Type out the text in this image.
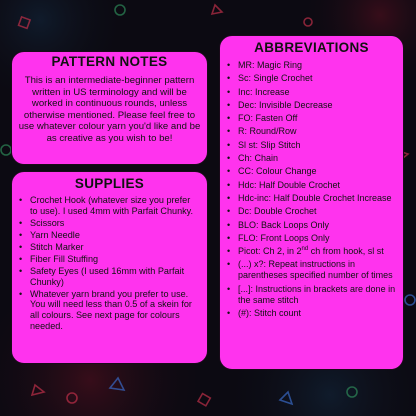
PATTERN NOTES

This is an intermediate-beginner pattern written in US terminology and will be worked in continuous rounds, unless otherwise mentioned. Please feel free to use whatever colour yarn you'd like and be as creative as you wish to be!

SUPPLIES
• Crochet Hook (whatever size you prefer to use). I used 4mm with Parfait Chunky.
• Scissors
• Yarn Needle
• Stitch Marker
• Fiber Fill Stuffing
• Safety Eyes (I used 16mm with Parfait Chunky)
• Whatever yarn brand you prefer to use. You will need less than 0.5 of a skein for all colours. See next page for colours needed.
ABBREVIATIONS
• MR: Magic Ring
• Sc: Single Crochet
• Inc: Increase
• Dec: Invisible Decrease
• FO: Fasten Off
• R: Round/Row
• Sl st: Slip Stitch
• Ch: Chain
• CC: Colour Change
• Hdc: Half Double Crochet
• Hdc-inc: Half Double Crochet Increase
• Dc: Double Crochet
• BLO: Back Loops Only
• FLO: Front Loops Only
• Picot: Ch 2, in 2nd ch from hook, sl st
• (...) x?: Repeat instructions in parentheses specified number of times
• [...]: Instructions in brackets are done in the same stitch
• (#): Stitch count
